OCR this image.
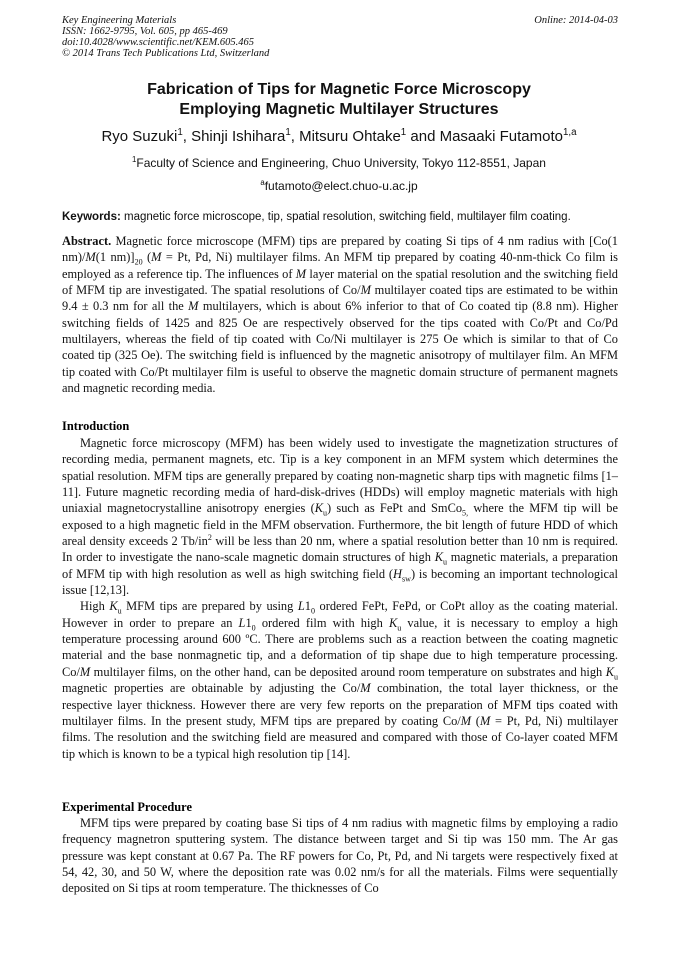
Key Engineering Materials
ISSN: 1662-9795, Vol. 605, pp 465-469
doi:10.4028/www.scientific.net/KEM.605.465
© 2014 Trans Tech Publications Ltd, Switzerland
Online: 2014-04-03
Fabrication of Tips for Magnetic Force Microscopy
Employing Magnetic Multilayer Structures
Ryo Suzuki$^1$, Shinji Ishihara$^1$, Mitsuru Ohtake$^1$ and Masaaki Futamoto$^{1,a}$
$^1$Faculty of Science and Engineering, Chuo University, Tokyo 112-8551, Japan
$^a$futamoto@elect.chuo-u.ac.jp
Keywords: magnetic force microscope, tip, spatial resolution, switching field, multilayer film coating.

Abstract. Magnetic force microscope (MFM) tips are prepared by coating Si tips of 4 nm radius with [Co(1 nm)/M(1 $nm)]_{20}$ (M = Pt, Pd, Ni) multilayer films. An MFM tip prepared by coating 40-nm-thick Co film is employed as a reference tip. The influences of M layer material on the spatial resolution and the switching field of MFM tip are investigated. The spatial resolutions of Co/M multilayer coated tips are estimated to be within 9.4 ± 0.3 nm for all the M multilayers, which is about 6% inferior to that of Co coated tip (8.8 nm). Higher switching fields of 1425 and 825 Oe are respectively observed for the tips coated with Co/Pt and Co/Pd multilayers, whereas the field of tip coated with Co/Ni multilayer is 275 Oe which is similar to that of Co coated tip (325 Oe). The switching field is influenced by the magnetic anisotropy of multilayer film. An MFM tip coated with Co/Pt multilayer film is useful to observe the magnetic domain structure of permanent magnets and magnetic recording media.

Introduction

Magnetic force microscopy (MFM) has been widely used to investigate the magnetization structures of recording media, permanent magnets, etc. Tip is a key component in an MFM system which determines the spatial resolution. MFM tips are generally prepared by coating non-magnetic sharp tips with magnetic films [1–11]. Future magnetic recording media of hard-disk-drives (HDDs) will employ magnetic materials with high uniaxial magnetocrystalline anisotropy energies $(K_u)$ such as FePt and SmCo$_{5,}$ where the MFM tip will be exposed to a high magnetic field in the MFM observation. Furthermore, the bit length of future HDD of which areal density exceeds 2 $Tb/in^2$ will be less than 20 nm, where a spatial resolution better than 10 nm is required. In order to investigate the nano-scale magnetic domain structures of high $K_u$ magnetic materials, a preparation of MFM tip with high resolution as well as high switching field $(H_{sw})$ is becoming an important technological issue [12,13].

High $K_u$ MFM tips are prepared by using $L1_0$ ordered FePt, FePd, or CoPt alloy as the coating material. However in order to prepare an $L1_0$ ordered film with high $K_u$ value, it is necessary to employ a high temperature processing around 600 ºC. There are problems such as a reaction between the coating magnetic material and the base nonmagnetic tip, and a deformation of tip shape due to high temperature processing. Co/M multilayer films, on the other hand, can be deposited around room temperature on substrates and high $K_u$ magnetic properties are obtainable by adjusting the Co/M combination, the total layer thickness, or the respective layer thickness. However there are very few reports on the preparation of MFM tips coated with multilayer films. In the present study, MFM tips are prepared by coating Co/M (M = Pt, Pd, Ni) multilayer films. The resolution and the switching field are measured and compared with those of Co-layer coated MFM tip which is known to be a typical high resolution tip [14].

Experimental Procedure

MFM tips were prepared by coating base Si tips of 4 nm radius with magnetic films by employing a radio frequency magnetron sputtering system. The distance between target and Si tip was 150 mm. The Ar gas pressure was kept constant at 0.67 Pa. The RF powers for Co, Pt, Pd, and Ni targets were respectively fixed at 54, 42, 30, and 50 W, where the deposition rate was 0.02 nm/s for all the materials. Films were sequentially deposited on Si tips at room temperature. The thicknesses of Co
